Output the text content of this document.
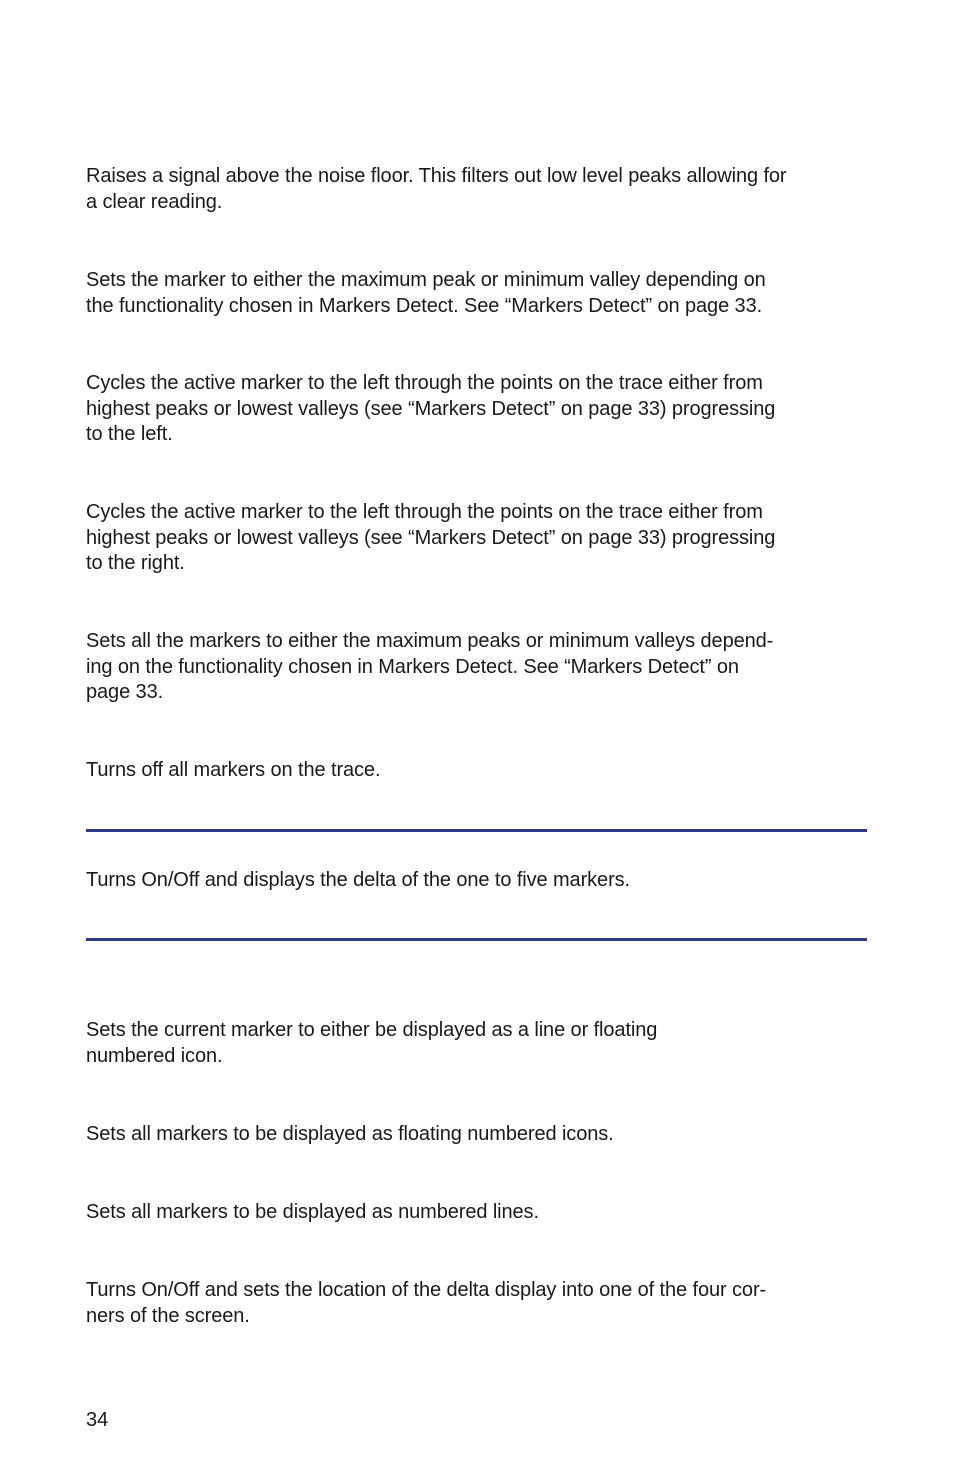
Raises a signal above the noise floor. This filters out low level peaks allowing for
a clear reading.

Sets the marker to either the maximum peak or minimum valley depending on
the functionality chosen in Markers Detect. See “Markers Detect” on page 33.

Cycles the active marker to the left through the points on the trace either from
highest peaks or lowest valleys (see “Markers Detect” on page 33) progressing
to the left.

Cycles the active marker to the left through the points on the trace either from
highest peaks or lowest valleys (see “Markers Detect” on page 33) progressing
to the right.

Sets all the markers to either the maximum peaks or minimum valleys depend-
ing on the functionality chosen in Markers Detect. See “Markers Detect” on
page 33.

Turns off all markers on the trace.

Turns On/Off and displays the delta of the one to five markers.

Sets the current marker to either be displayed as a line or floating
numbered icon.

Sets all markers to be displayed as floating numbered icons.

Sets all markers to be displayed as numbered lines.

Turns On/Off and sets the location of the delta display into one of the four cor-
ners of the screen.

34
